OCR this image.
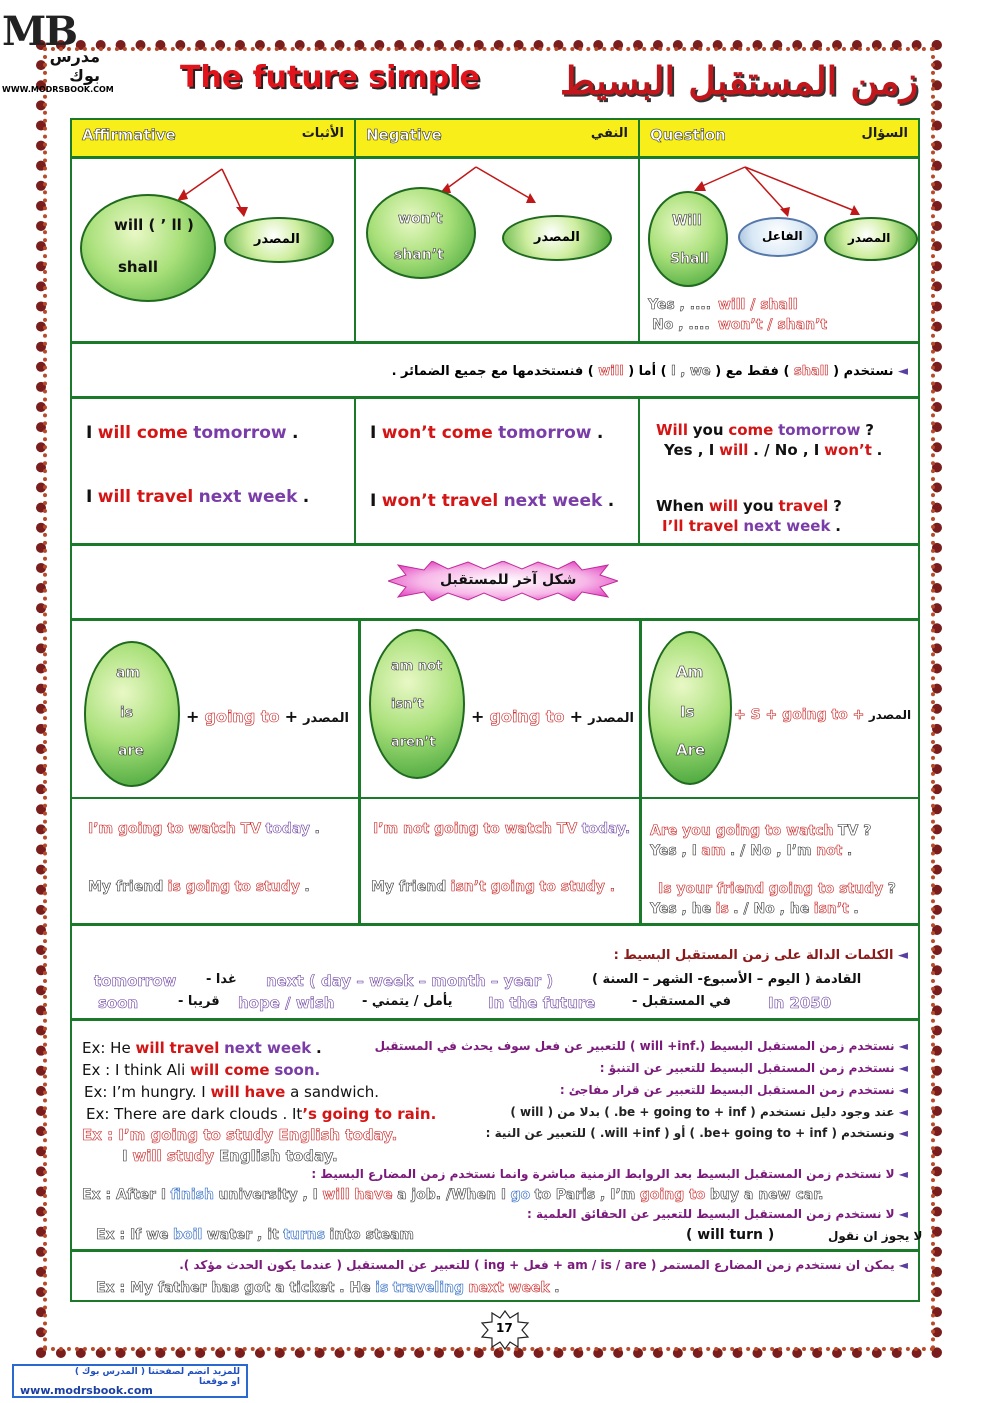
MB
مدرس بوك
WWW.MODRSBOOK.COM The future simple زمن المستقبل البسيط
Affirmative	الأثبات Negative	النفي Question	السؤال
will ( ’ ll )
shall
المصدر
won’t
shan’t
المصدر
Will
Shall
الفاعل	المصدر
Yes , .... will / shall
No , .... won’t / shan’t
◄ نستخدم ( shall ) فقط مع ( I , we ) أما ( will ) فنستخدمها مع جميع الضمائر .
I will come tomorrow .
I will travel next week .
I won’t come tomorrow .
I won’t travel next week .
Will you come tomorrow ?
Yes , I will . / No , I won’t .
When will you travel ?
I’ll travel next week .
شكل آخر للمستقبل
am
is
are
+ going to + المصدر
am not
isn’t
aren’t
+ going to + المصدر
Am
Is
Are
+ S + going to + المصدر
I’m going to watch TV today .
My friend is going to study .
I’m not going to watch TV today.
My friend isn’t going to study .
Are you going to watch TV ?
Yes , I am . / No , I’m not .
Is your friend going to study ?
Yes , he is . / No , he isn’t .
◄ الكلمات الدالة على زمن المستقبل البسيط :
tomorrow - غدا next ( day – week – month – year )	القادمة ( اليوم – الأسبوع- الشهر – السنة )
soon	- قريبا hope / wish - يأمل / يتمني In the future	- في المستقبل In 2050
Ex: He will travel next week .	◄ نستخدم زمن المستقبل البسيط (.will +inf ) للتعبير عن فعل سوف يحدث في المستقبل
Ex : I think Ali will come soon.	◄ نستخدم زمن المستقبل البسيط للتعبير عن التنبؤ :
Ex: I’m hungry. I will have a sandwich.	◄ نستخدم زمن المستقبل البسيط للتعبير عن قرار مفاجئ :
Ex: There are dark clouds . It’s going to rain.	◄ عند وجود دليل نستخدم ( be + going to + inf. ) بدلا من ( will )
Ex : I’m going to study English today.	◄ ونستخدم ( be+ going to + inf. ) أو ( will +inf. ) للتعبير عن النية :
I will study English today.
◄ لا نستخدم زمن المستقبل البسيط بعد الروابط الزمنية مباشرة وانما نستخدم زمن المضارع البسيط :
Ex : After I finish university , I will have a job. /When I go to Paris , I’m going to buy a new car.
◄ لا نستخدم زمن المستقبل البسيط للتعبير عن الحقائق العلمية :
Ex : If we boil water , it turns into steam	( will turn )	لا يجوز ان نقول
◄ يمكن ان نستخدم زمن المضارع المستمر ( am / is / are + فعل + ing ) للتعبير عن المستقبل ( عندما يكون الحدث مؤكد ).
Ex : My father has got a ticket . He is traveling next week .
17
للمزيد انضم لصفحتنا ( المدرس بوك )
او موقعنا
www.modrsbook.com
